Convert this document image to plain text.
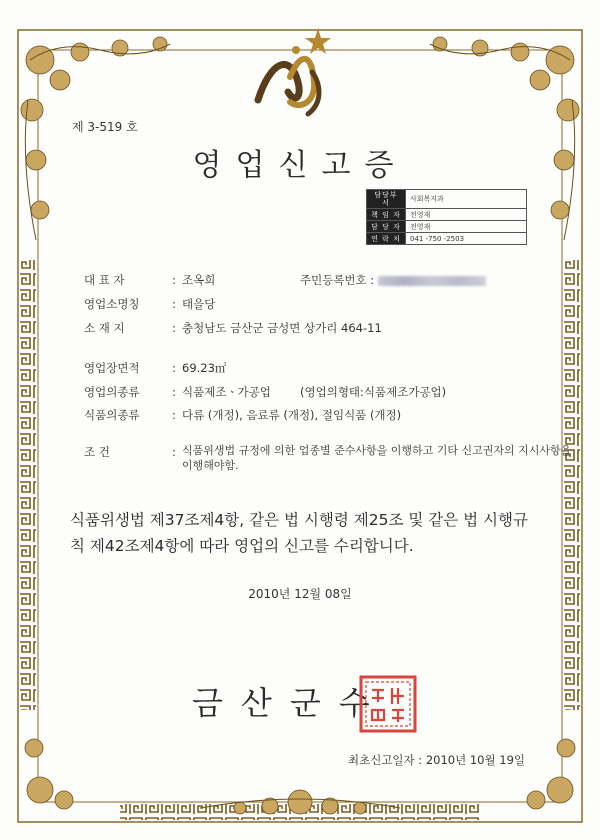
제 3-519 호
영업신고증
담당부서	사회복지과
책 임 자	전영재
담 당 자	전영재
연 락 처	041 -750 -2503
대 표 자	: 조옥희	주민등록번호 :
영업소명칭	: 태을당
소 재 지	: 충청남도 금산군 금성면 상가리 464-11
영업장면적	: 69.23㎡
영업의종류	: 식품제조ㆍ가공업	(영업의형태:식품제조가공업)
식품의종류	: 다류 (개정), 음료류 (개정), 절임식품 (개정)
조 건	: 식품위생법 규정에 의한 업종별 준수사항을 이행하고 기타 신고권자의 지시사항을 이행해야함.
식품위생법 제37조제4항, 같은 법 시행령 제25조 및 같은 법 시행규칙 제42조제4항에 따라 영업의 신고를 수리합니다.
2010년 12월 08일
금산군수
최초신고일자 : 2010년 10월 19일
